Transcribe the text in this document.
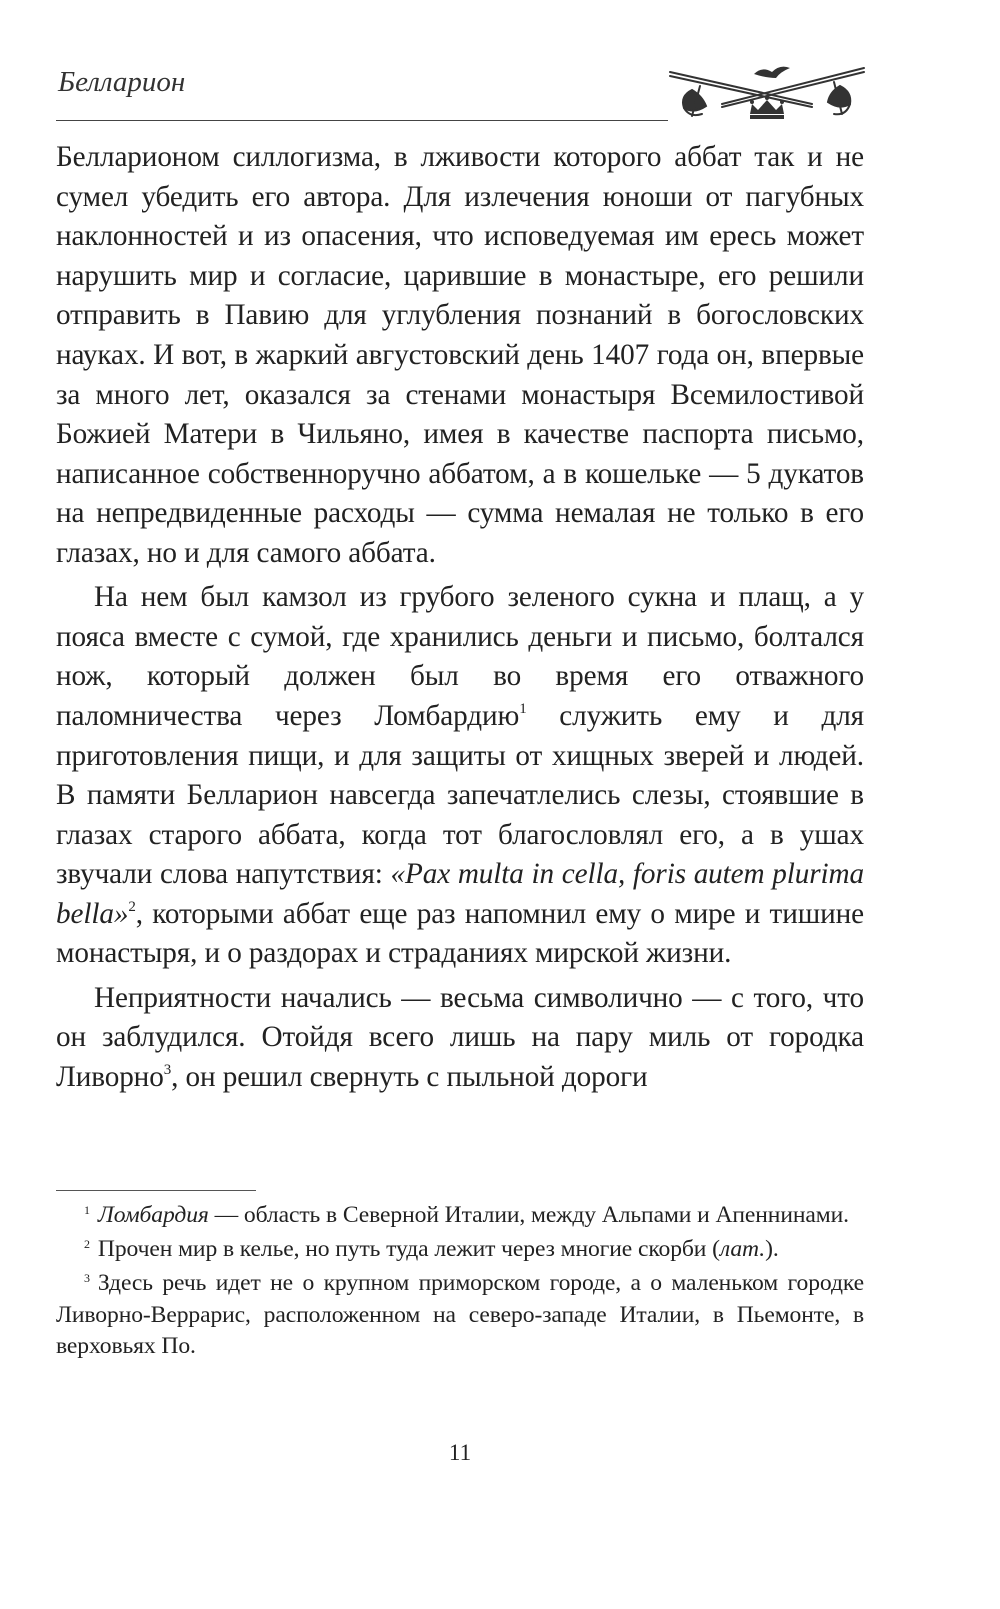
Белларион

Белларионом силлогизма, в лживости которого аббат так и не сумел убедить его автора. Для излечения юноши от пагубных наклонностей и из опасения, что исповедуемая им ересь может нарушить мир и согласие, царившие в монастыре, его решили отправить в Павию для углубления познаний в богословских науках. И вот, в жаркий августовский день 1407 года он, впервые за много лет, оказался за стенами монастыря Всемилостивой Божией Матери в Чильяно, имея в качестве паспорта письмо, написанное собственноручно аббатом, а в кошельке — 5 дукатов на непредвиденные расходы — сумма немалая не только в его глазах, но и для самого аббата.

На нем был камзол из грубого зеленого сукна и плащ, а у пояса вместе с сумой, где хранились деньги и письмо, болтался нож, который должен был во время его отважного паломничества через Ломбардию$^1$ служить ему и для приготовления пищи, и для защиты от хищных зверей и людей. В памяти Белларион навсегда запечатлелись слезы, стоявшие в глазах старого аббата, когда тот благословлял его, а в ушах звучали слова напутствия: «Pax multa in cella, foris autem plurima bella»$^2$, которыми аббат еще раз напомнил ему о мире и тишине монастыря, и о раздорах и страданиях мирской жизни.

Неприятности начались — весьма символично — с того, что он заблудился. Отойдя всего лишь на пару миль от городка Ливорно$^3$, он решил свернуть с пыльной дороги

$^1$ Ломбардия — область в Северной Италии, между Альпами и Апеннинами.

$^2$ Прочен мир в келье, но путь туда лежит через многие скорби (лат.).

$^3$ Здесь речь идет не о крупном приморском городе, а о маленьком городке Ливорно-Веррарис, расположенном на северо-западе Италии, в Пьемонте, в верховьях По.

11
